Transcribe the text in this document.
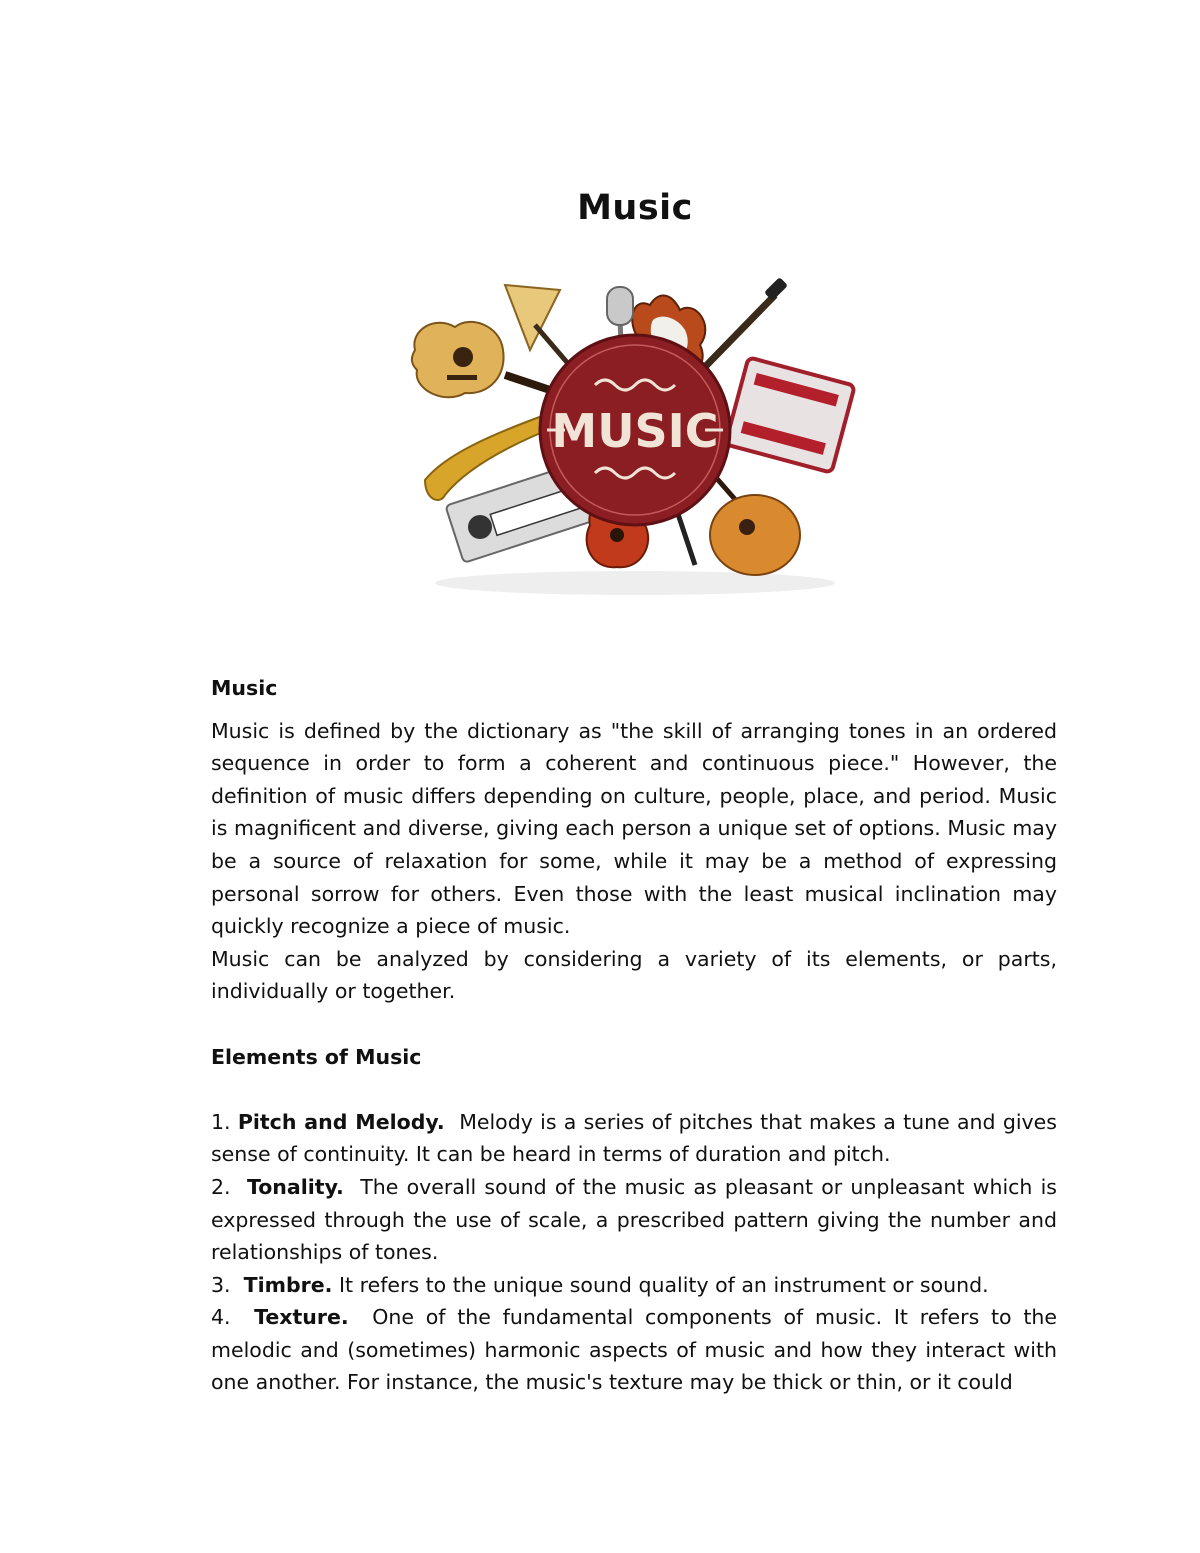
Music
MUSIC

Music

Music is defined by the dictionary as "the skill of arranging tones in an ordered sequence in order to form a coherent and continuous piece." However, the definition of music differs depending on culture, people, place, and period. Music is magnificent and diverse, giving each person a unique set of options. Music may be a source of relaxation for some, while it may be a method of expressing personal sorrow for others. Even those with the least musical inclination may quickly recognize a piece of music.

Music can be analyzed by considering a variety of its elements, or parts, individually or together.

Elements of Music

1. Pitch and Melody. Melody is a series of pitches that makes a tune and gives sense of continuity. It can be heard in terms of duration and pitch.

2. Tonality. The overall sound of the music as pleasant or unpleasant which is expressed through the use of scale, a prescribed pattern giving the number and relationships of tones.

3. Timbre. It refers to the unique sound quality of an instrument or sound.

4. Texture. One of the fundamental components of music. It refers to the melodic and (sometimes) harmonic aspects of music and how they interact with one another. For instance, the music's texture may be thick or thin, or it could
